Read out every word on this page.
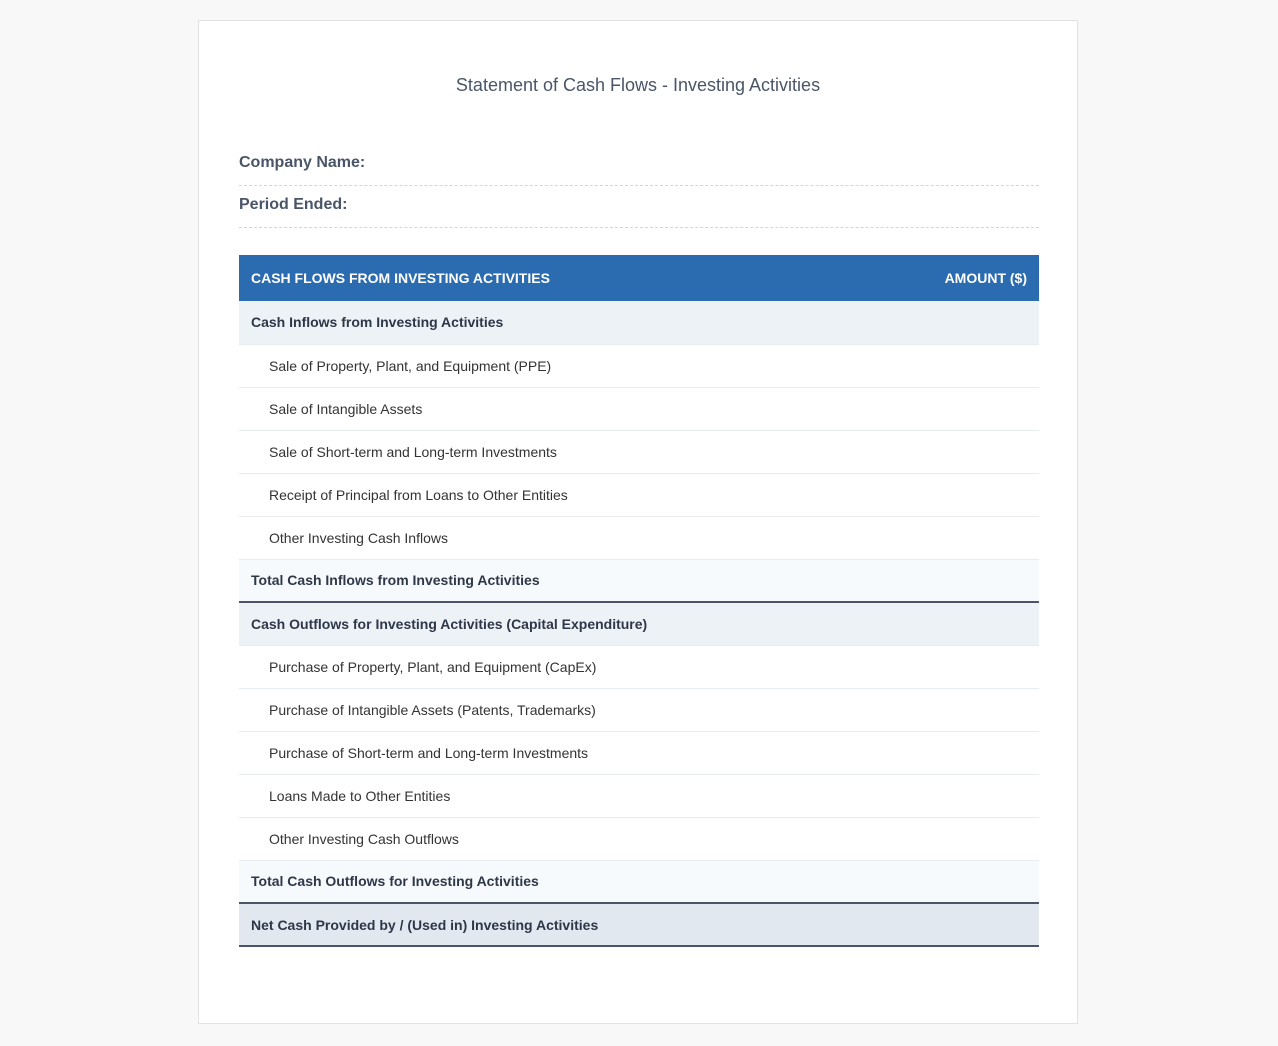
Statement of Cash Flows - Investing Activities
Company Name:
Period Ended:
CASH FLOWS FROM INVESTING ACTIVITIES	AMOUNT ($)
Cash Inflows from Investing Activities	
Sale of Property, Plant, and Equipment (PPE)	
Sale of Intangible Assets	
Sale of Short-term and Long-term Investments	
Receipt of Principal from Loans to Other Entities	
Other Investing Cash Inflows	
Total Cash Inflows from Investing Activities	
Cash Outflows for Investing Activities (Capital Expenditure)	
Purchase of Property, Plant, and Equipment (CapEx)	
Purchase of Intangible Assets (Patents, Trademarks)	
Purchase of Short-term and Long-term Investments	
Loans Made to Other Entities	
Other Investing Cash Outflows	
Total Cash Outflows for Investing Activities	
Net Cash Provided by / (Used in) Investing Activities	
